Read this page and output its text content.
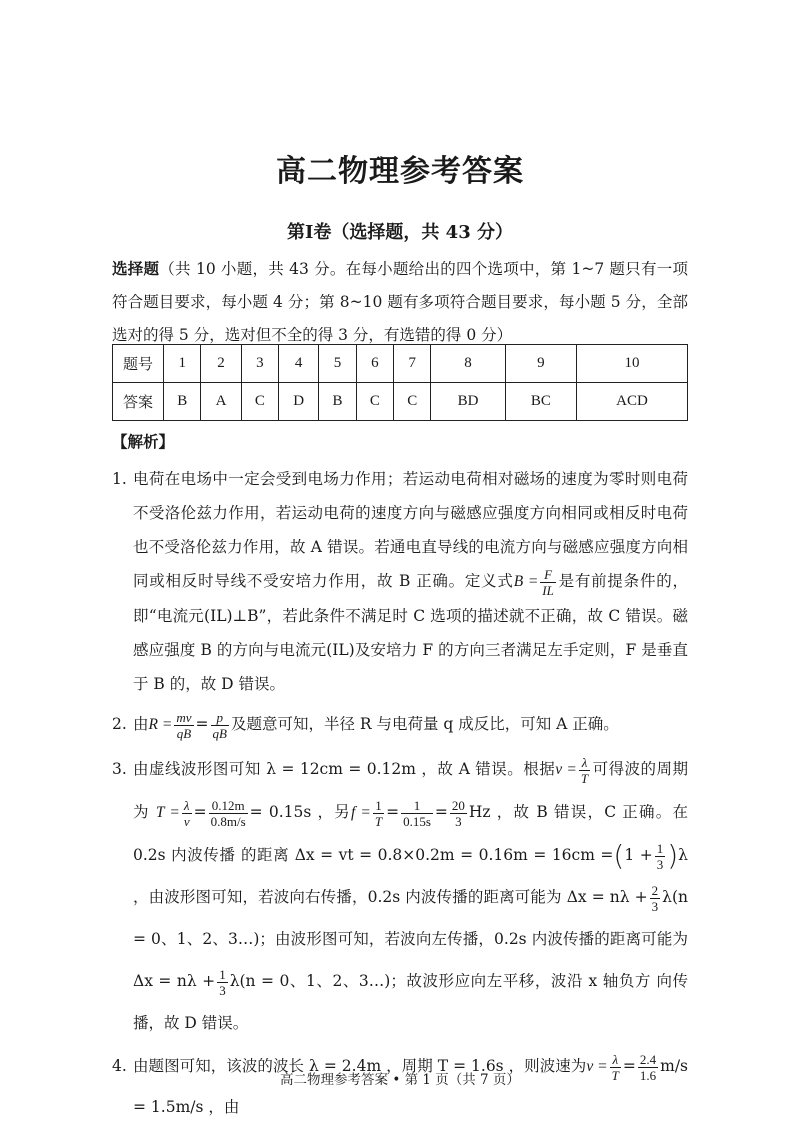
高二物理参考答案
第Ⅰ卷（选择题，共 43 分）
选择题（共 10 小题，共 43 分。在每小题给出的四个选项中，第 1~7 题只有一项符合题目要求，每小题 4 分；第 8~10 题有多项符合题目要求，每小题 5 分，全部选对的得 5 分，选对但不全的得 3 分，有选错的得 0 分）
题号	1	2	3	4	5	6	7	8	9	10
答案	B	A	C	D	B	C	C	BD	BC	ACD
【解析】
1. 电荷在电场中一定会受到电场力作用；若运动电荷相对磁场的速度为零时则电荷不受洛伦兹力作用，若运动电荷的速度方向与磁感应强度方向相同或相反时电荷也不受洛伦兹力作用，故 A 错误。若通电直导线的电流方向与磁感应强度方向相同或相反时导线不受安培力作用，故 B 正确。定义式$B = \frac{F}{IL}$ 是有前提条件的，即“电流元(IL)⊥B”，若此条件不满足时 C 选项的描述就不正确，故 C 错误。磁感应强度 B 的方向与电流元(IL)及安培力 F 的方向三者满足左手定则，F 是垂直于 B 的，故 D 错误。
2. 由$R = \frac{mv}{qB} = \frac{p}{qB}$ 及题意可知，半径 R 与电荷量 q 成反比，可知 A 正确。
3. 由虚线波形图可知 λ = 12cm = 0.12m ，故 A 错误。根据$v = \frac{\lambda}{T}$ 可得波的周期为 $T = \frac{\lambda}{v} = \frac{0.12m}{0.8m/s} = 0.15s$ ，另$f = \frac{1}{T} = \frac{1}{0.15s} = \frac{20}{3}$ Hz ，故 B 错误，C 正确。在 0.2s 内波传播 的距离 Δx = vt = $0.8\times 0.2m = 0.16m = 16cm =(1 + \frac{1}{3} )\lambda$ ，由波形图可知，若波向右传播，0.2s 内波传播的距离可能为 $\Delta x = n\lambda + \frac{2}{3} \lambda(n = 0$、1、2、3…)；由波形图可知，若波向左传播，0.2s 内波传播的距离可能为 $\Delta x = n\lambda + \frac{1}{3} \lambda(n = 0$、1、2、3…)；故波形应向左平移，波沿 x 轴负方 向传播，故 D 错误。
4. 由题图可知，该波的波长 λ = 2.4m ，周期 T = 1.6s ，则波速为$v = \frac{\lambda}{T} = \frac{2.4}{1.6} m/s = 1.5m/s$ ，由
高二物理参考答案 • 第 1 页（共 7 页）
